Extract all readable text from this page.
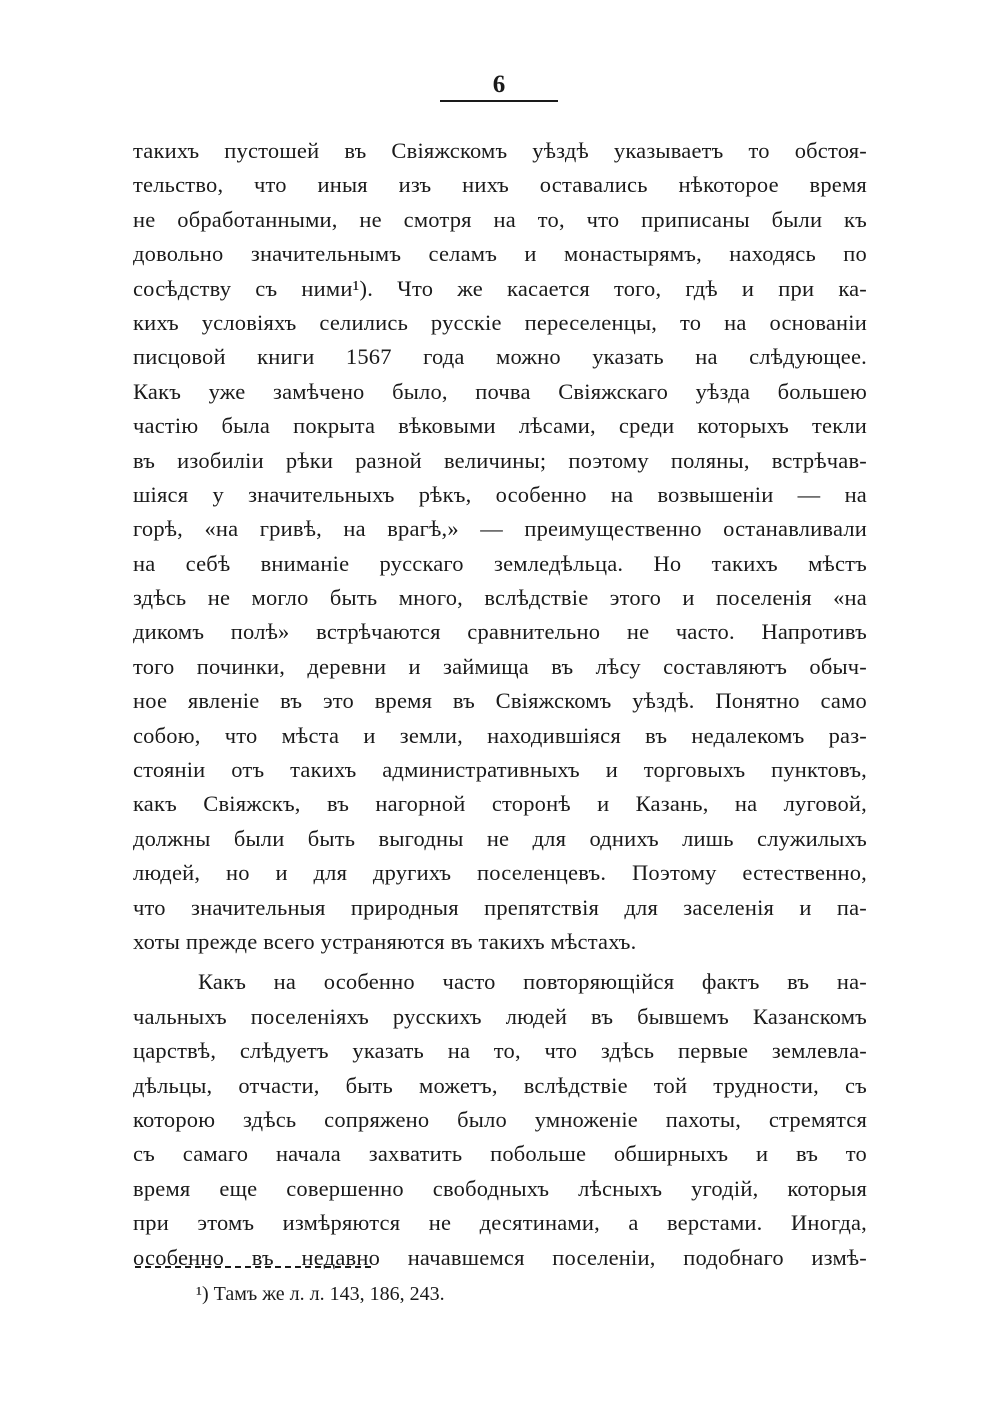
6
такихъ пустошей въ Свіяжскомъ уѣздѣ указываетъ то обстоя-
тельство, что иныя изъ нихъ оставались нѣкоторое время
не обработанными, не смотря на то, что приписаны были къ
довольно значительнымъ селамъ и монастырямъ, находясь по
сосѣдству съ ними¹). Что же касается того, гдѣ и при ка-
кихъ условіяхъ селились русскіе переселенцы, то на основаніи
писцовой книги 1567 года можно указать на слѣдующее.
Какъ уже замѣчено было, почва Свіяжскаго уѣзда большею
частію была покрыта вѣковыми лѣсами, среди которыхъ текли
въ изобиліи рѣки разной величины; поэтому поляны, встрѣчав-
шіяся у значительныхъ рѣкъ, особенно на возвышеніи — на
горѣ, «на гривѣ, на врагѣ,» — преимущественно останавливали
на себѣ вниманіе русскаго земледѣльца. Но такихъ мѣстъ
здѣсь не могло быть много, вслѣдствіе этого и поселенія «на
дикомъ полѣ» встрѣчаются сравнительно не часто. Напротивъ
того починки, деревни и займища въ лѣсу составляютъ обыч-
ное явленіе въ это время въ Свіяжскомъ уѣздѣ. Понятно само
собою, что мѣста и земли, находившіяся въ недалекомъ раз-
стояніи отъ такихъ административныхъ и торговыхъ пунктовъ,
какъ Свіяжскъ, въ нагорной сторонѣ и Казань, на луговой,
должны были быть выгодны не для однихъ лишь служилыхъ
людей, но и для другихъ поселенцевъ. Поэтому естественно,
что значительныя природныя препятствія для заселенія и па-
хоты прежде всего устраняются въ такихъ мѣстахъ.
Какъ на особенно часто повторяющійся фактъ въ на-
чальныхъ поселеніяхъ русскихъ людей въ бывшемъ Казанскомъ
царствѣ, слѣдуетъ указать на то, что здѣсь первые землевла-
дѣльцы, отчасти, быть можетъ, вслѣдствіе той трудности, съ
которою здѣсь сопряжено было умноженіе пахоты, стремятся
съ самаго начала захватить побольше обширныхъ и въ то
время еще совершенно свободныхъ лѣсныхъ угодій, которыя
при этомъ измѣряются не десятинами, а верстами. Иногда,
особенно въ недавно начавшемся поселеніи, подобнаго измѣ-
¹) Тамъ же л. л. 143, 186, 243.
